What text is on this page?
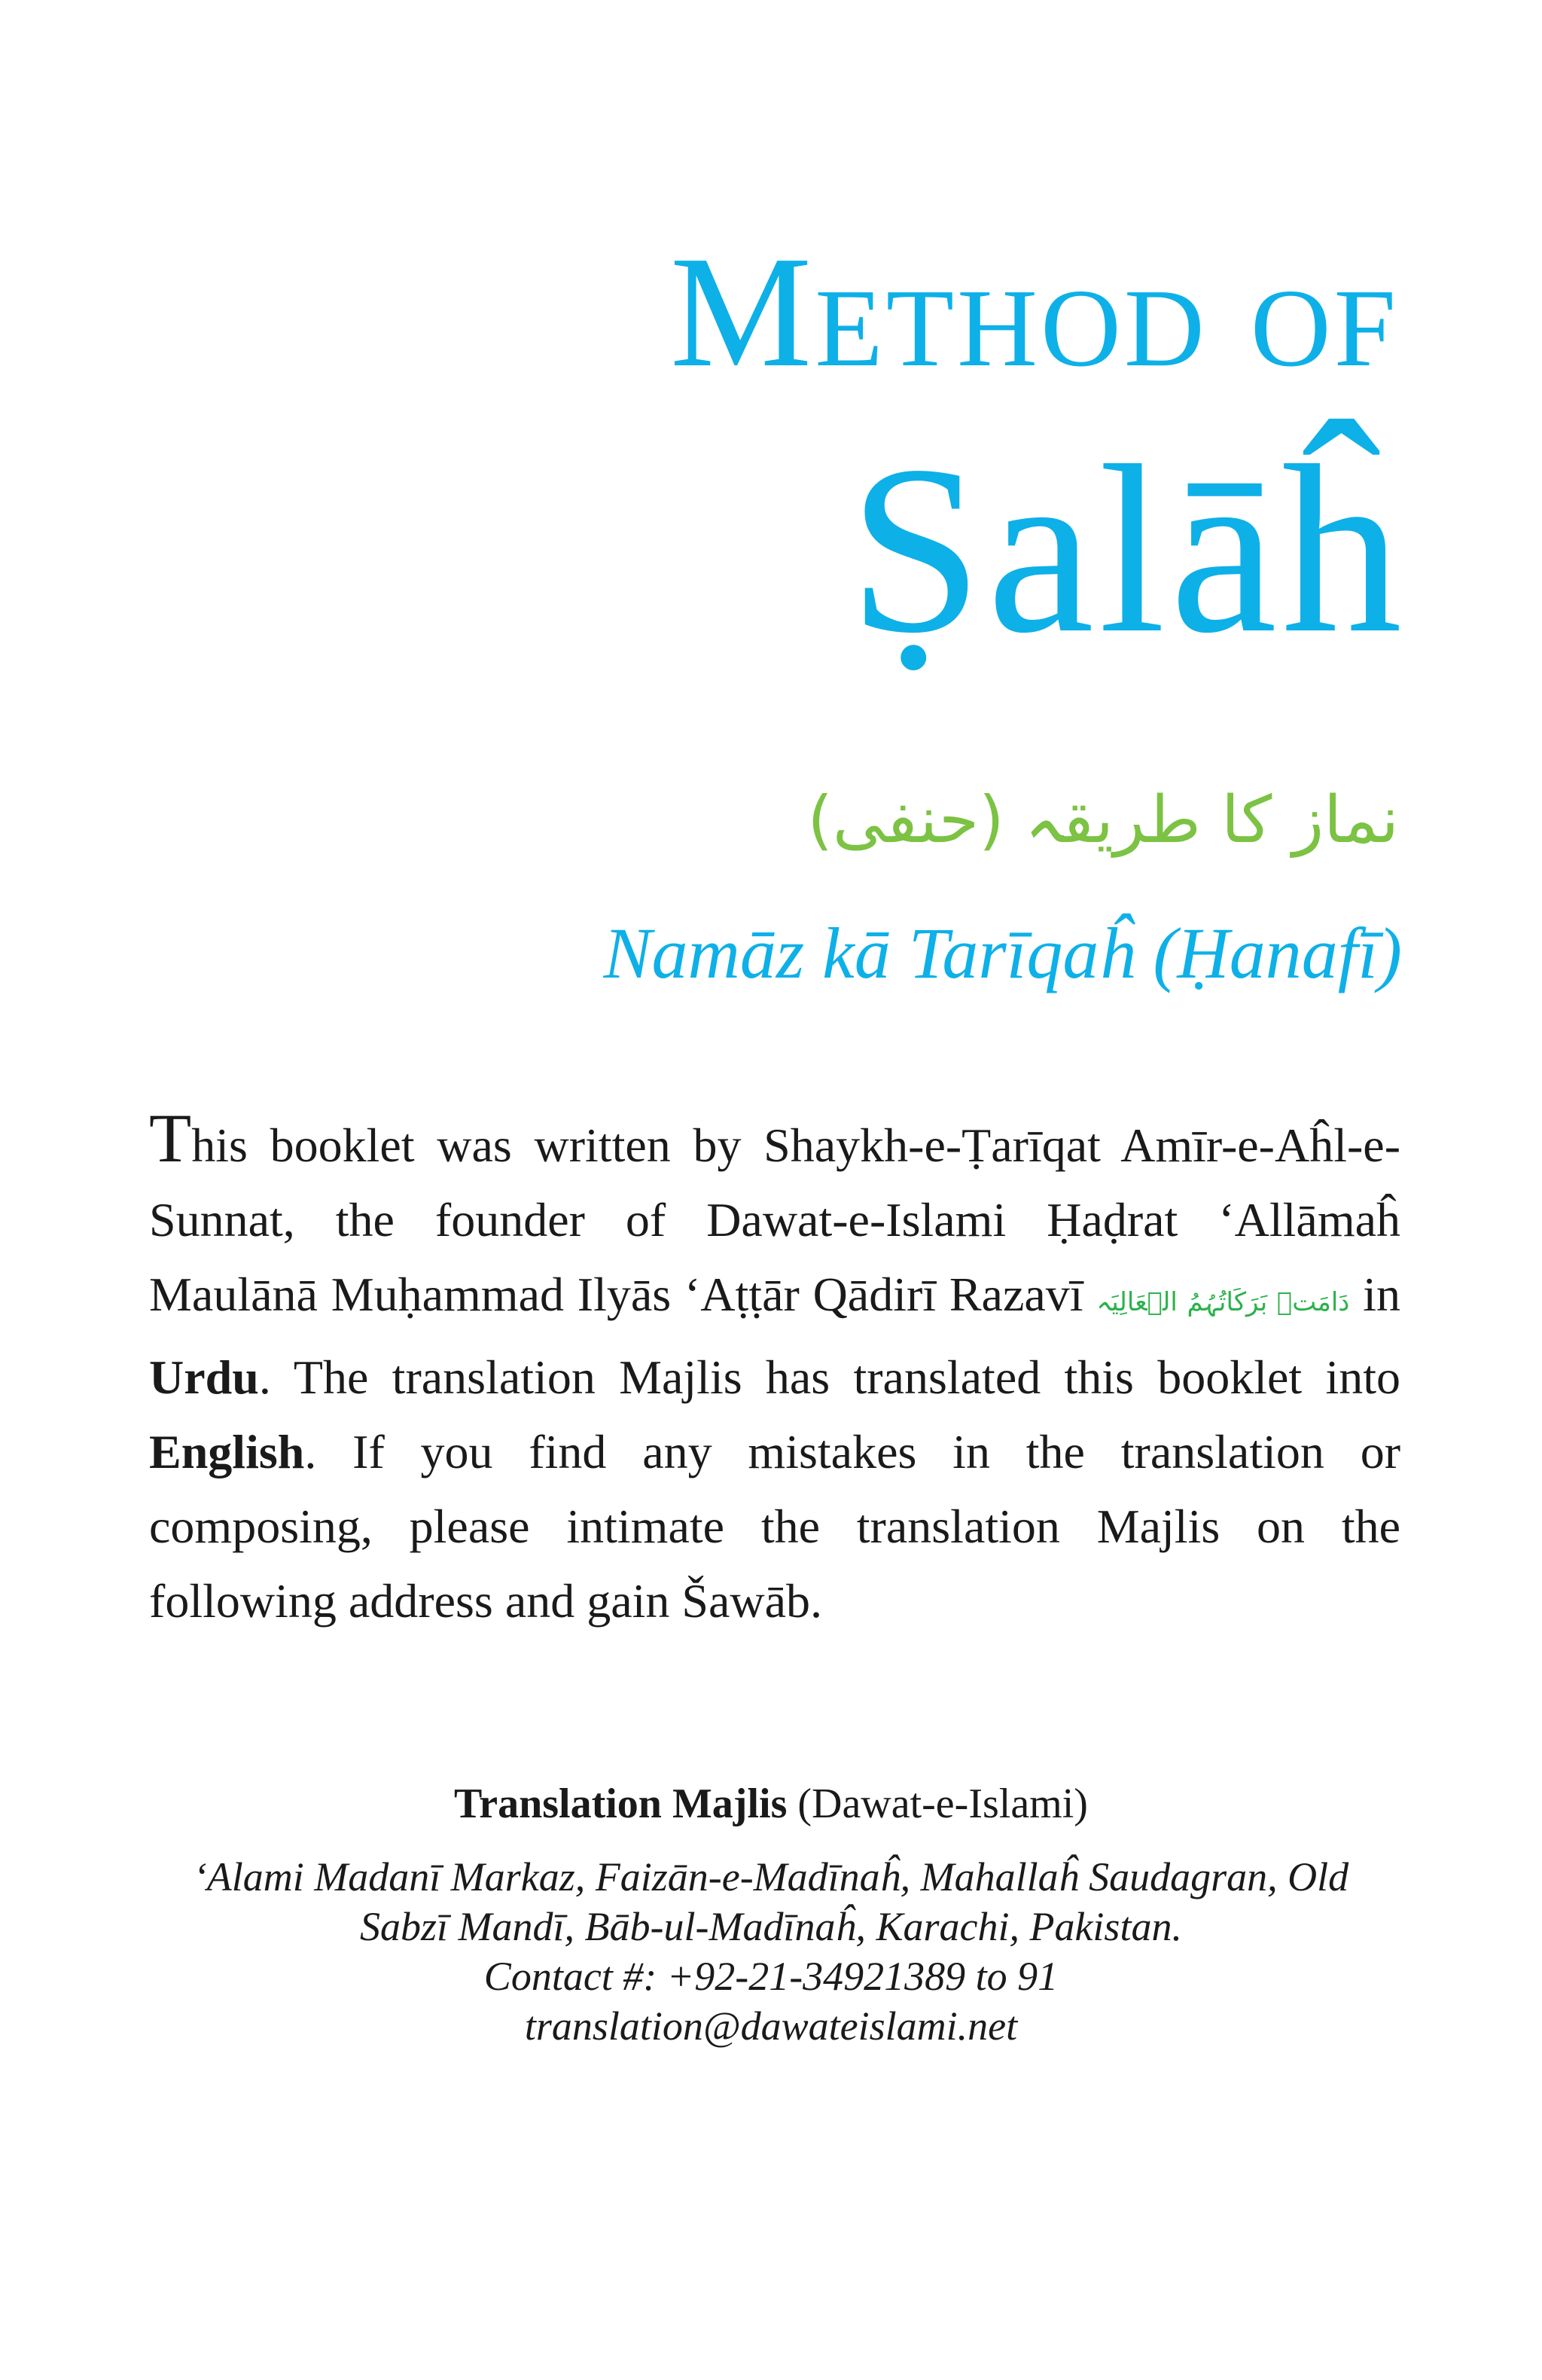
Method of
Ṣalāĥ
نماز کا طریقہ (حنفی)
Namāz kā Tarīqaĥ (Ḥanafī)
This booklet was written by Shaykh-e-Ṭarīqat Amīr-e-Aĥl-e-Sunnat, the founder of Dawat-e-Islami Ḥaḍrat ‘Allāmaĥ Maulānā Muḥammad Ilyās ‘Aṭṭār Qādirī Razavī دَامَتۡ بَرَکَاتُہُمُ الۡعَالِیَہ in Urdu. The translation Majlis has translated this booklet into English. If you find any mistakes in the translation or composing, please intimate the translation Majlis on the following address and gain Šawāb.
Translation Majlis (Dawat-e-Islami)
‘Alami Madanī Markaz, Faizān-e-Madīnaĥ, Mahallaĥ Saudagran, Old
Sabzī Mandī, Bāb-ul-Madīnaĥ, Karachi, Pakistan.
Contact #: +92-21-34921389 to 91
translation@dawateislami.net
